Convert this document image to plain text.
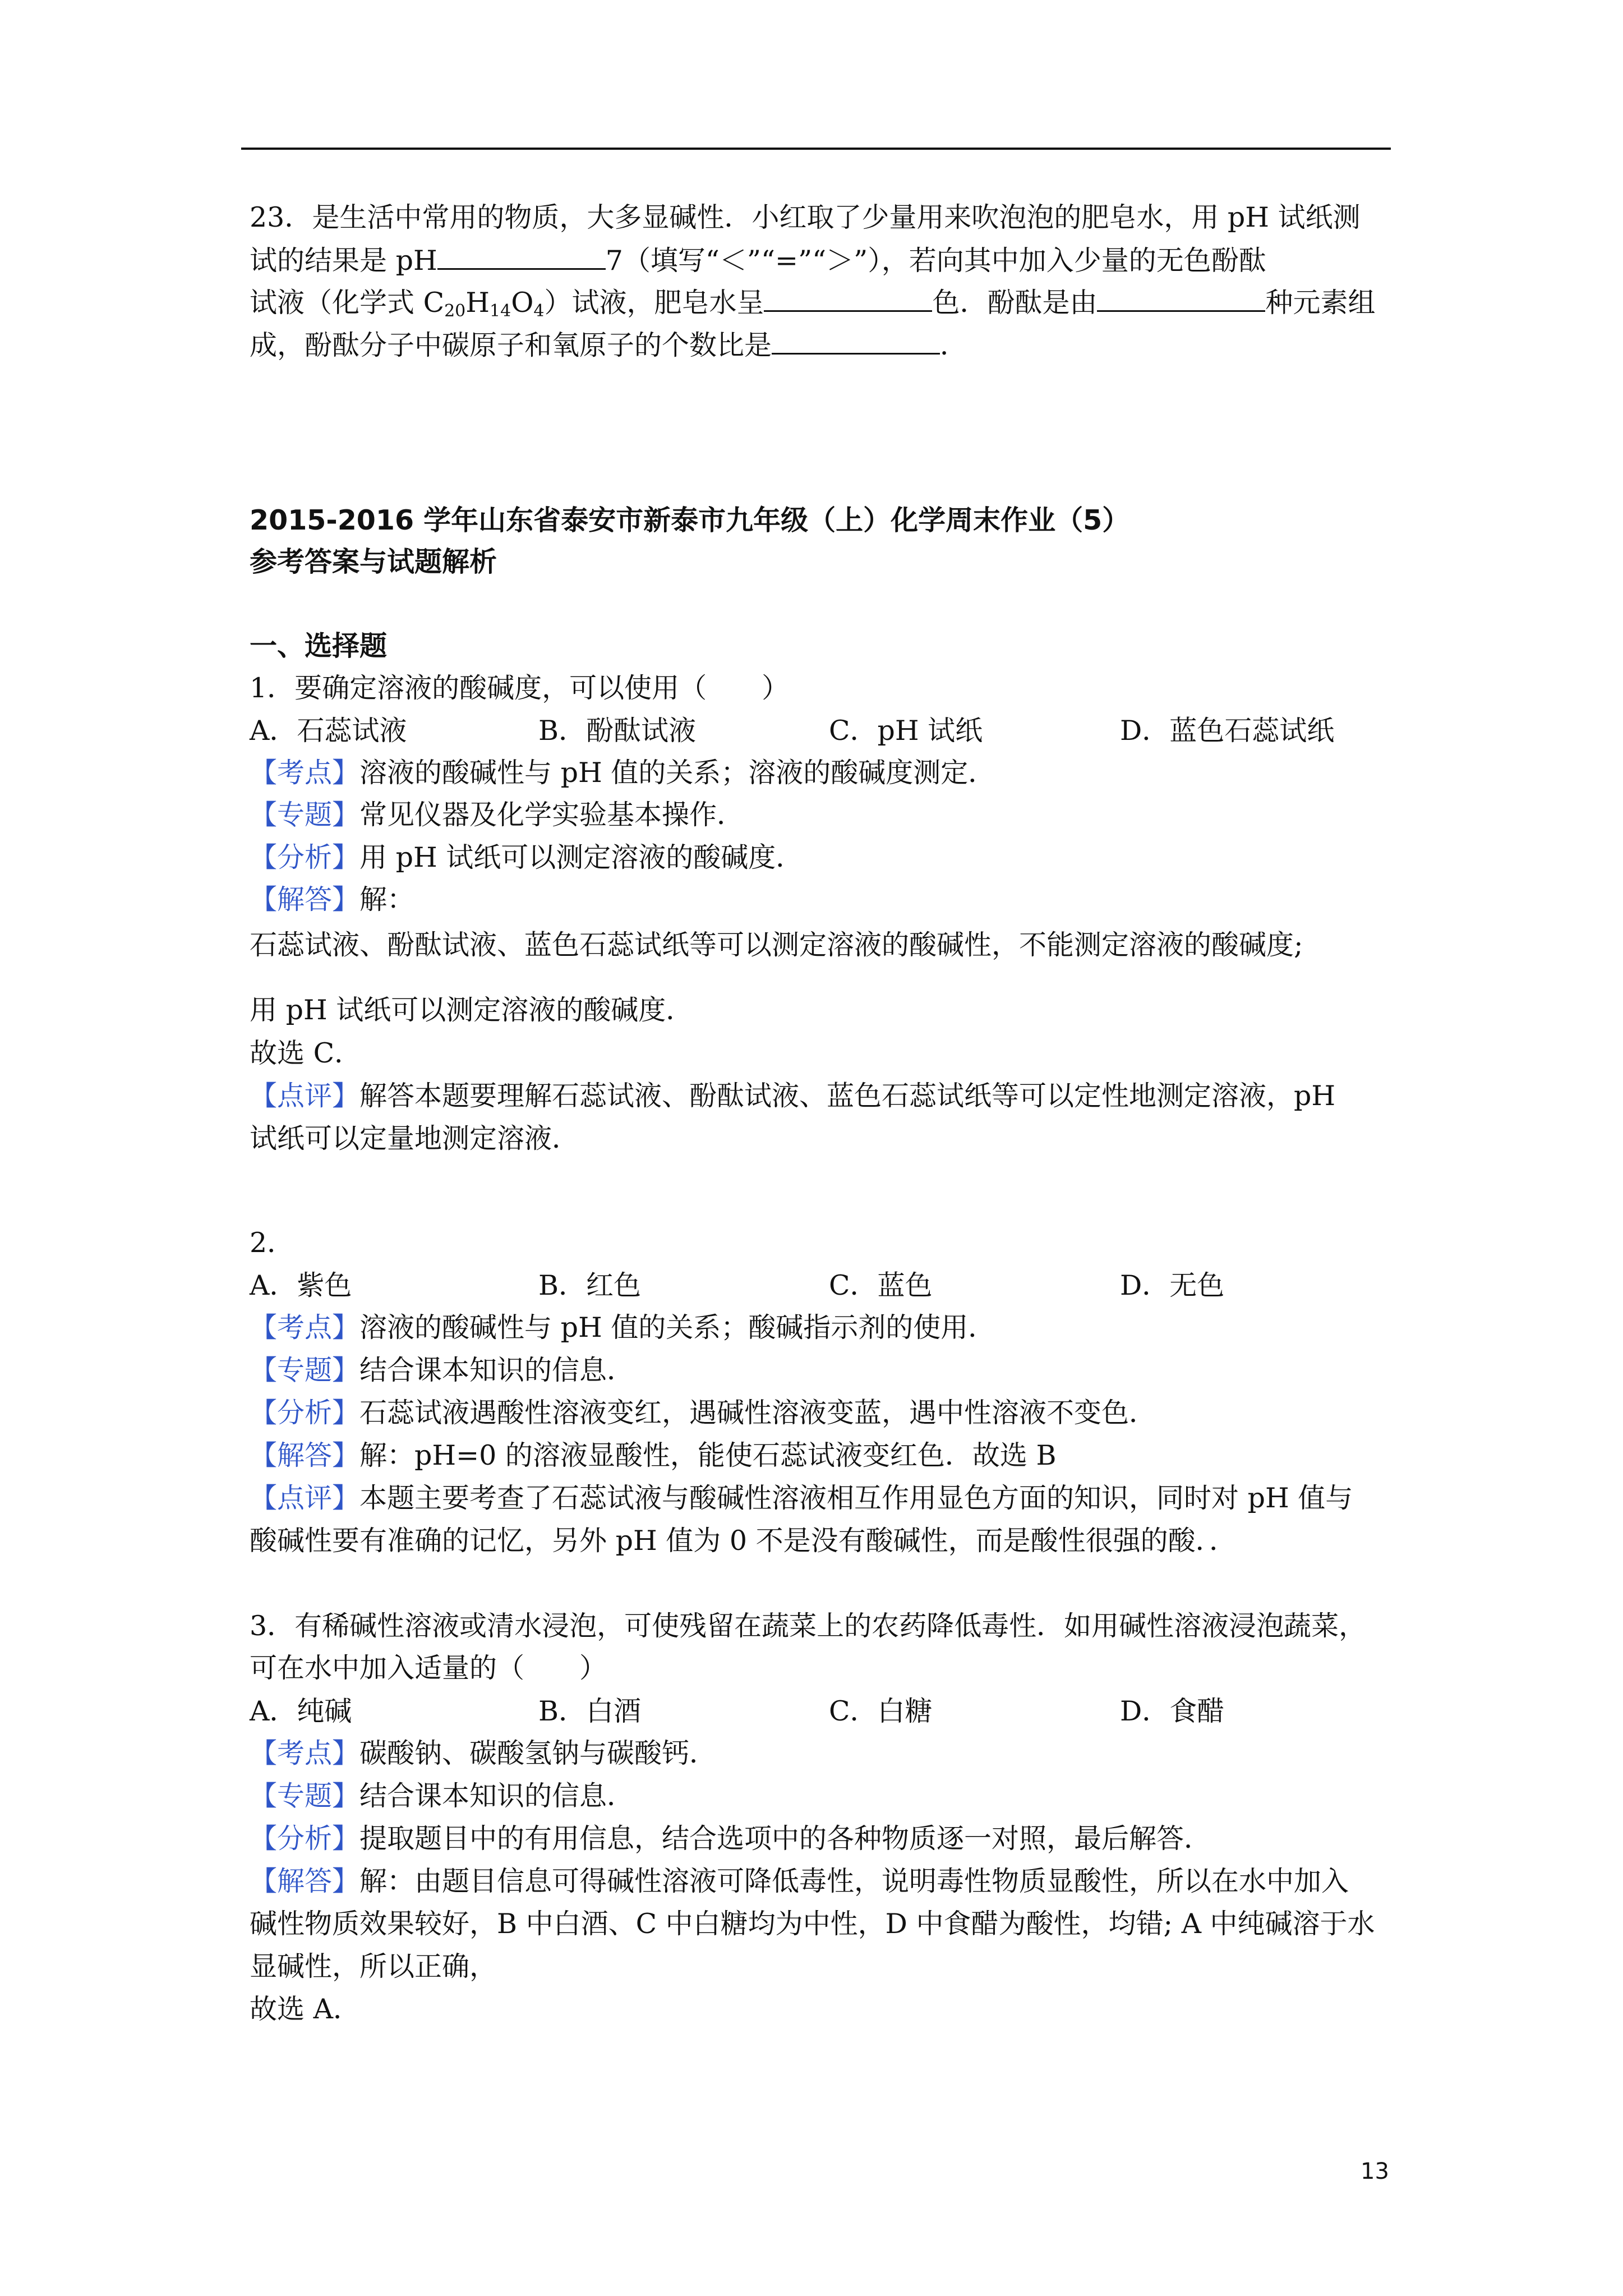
23．是生活中常用的物质，大多显碱性．小红取了少量用来吹泡泡的肥皂水，用 pH 试纸测
试的结果是 pH	7（填写“＜”“=”“＞”），若向其中加入少量的无色酚酞
试液（化学式 $C_{20}H_{14}O_4$）试液，肥皂水呈	色．酚酞是由	种元素组
成，酚酞分子中碳原子和氧原子的个数比是	．
2015-2016 学年山东省泰安市新泰市九年级（上）化学周末作业（5）
参考答案与试题解析
一、选择题
1．要确定溶液的酸碱度，可以使用（　　）
A．石蕊试液	B．酚酞试液	C．pH 试纸	D．蓝色石蕊试纸
【考点】溶液的酸碱性与 pH 值的关系；溶液的酸碱度测定．
【专题】常见仪器及化学实验基本操作．
【分析】用 pH 试纸可以测定溶液的酸碱度．
【解答】解：
石蕊试液、酚酞试液、蓝色石蕊试纸等可以测定溶液的酸碱性，不能测定溶液的酸碱度;
用 pH 试纸可以测定溶液的酸碱度．
故选 C．
【点评】解答本题要理解石蕊试液、酚酞试液、蓝色石蕊试纸等可以定性地测定溶液，pH
试纸可以定量地测定溶液．
2．
A．紫色	B．红色	C．蓝色	D．无色
【考点】溶液的酸碱性与 pH 值的关系；酸碱指示剂的使用．
【专题】结合课本知识的信息．
【分析】石蕊试液遇酸性溶液变红，遇碱性溶液变蓝，遇中性溶液不变色．
【解答】解：pH=0 的溶液显酸性，能使石蕊试液变红色．故选 B
【点评】本题主要考查了石蕊试液与酸碱性溶液相互作用显色方面的知识，同时对 pH 值与
酸碱性要有准确的记忆，另外 pH 值为 0 不是没有酸碱性，而是酸性很强的酸．．
3．有稀碱性溶液或清水浸泡，可使残留在蔬菜上的农药降低毒性．如用碱性溶液浸泡蔬菜，
可在水中加入适量的（　　）
A．纯碱	B．白酒	C．白糖	D．食醋
【考点】碳酸钠、碳酸氢钠与碳酸钙．
【专题】结合课本知识的信息．
【分析】提取题目中的有用信息，结合选项中的各种物质逐一对照，最后解答．
【解答】解：由题目信息可得碱性溶液可降低毒性，说明毒性物质显酸性，所以在水中加入
碱性物质效果较好，B 中白酒、C 中白糖均为中性，D 中食醋为酸性，均错; A 中纯碱溶于水
显碱性，所以正确，
故选 A．
13
